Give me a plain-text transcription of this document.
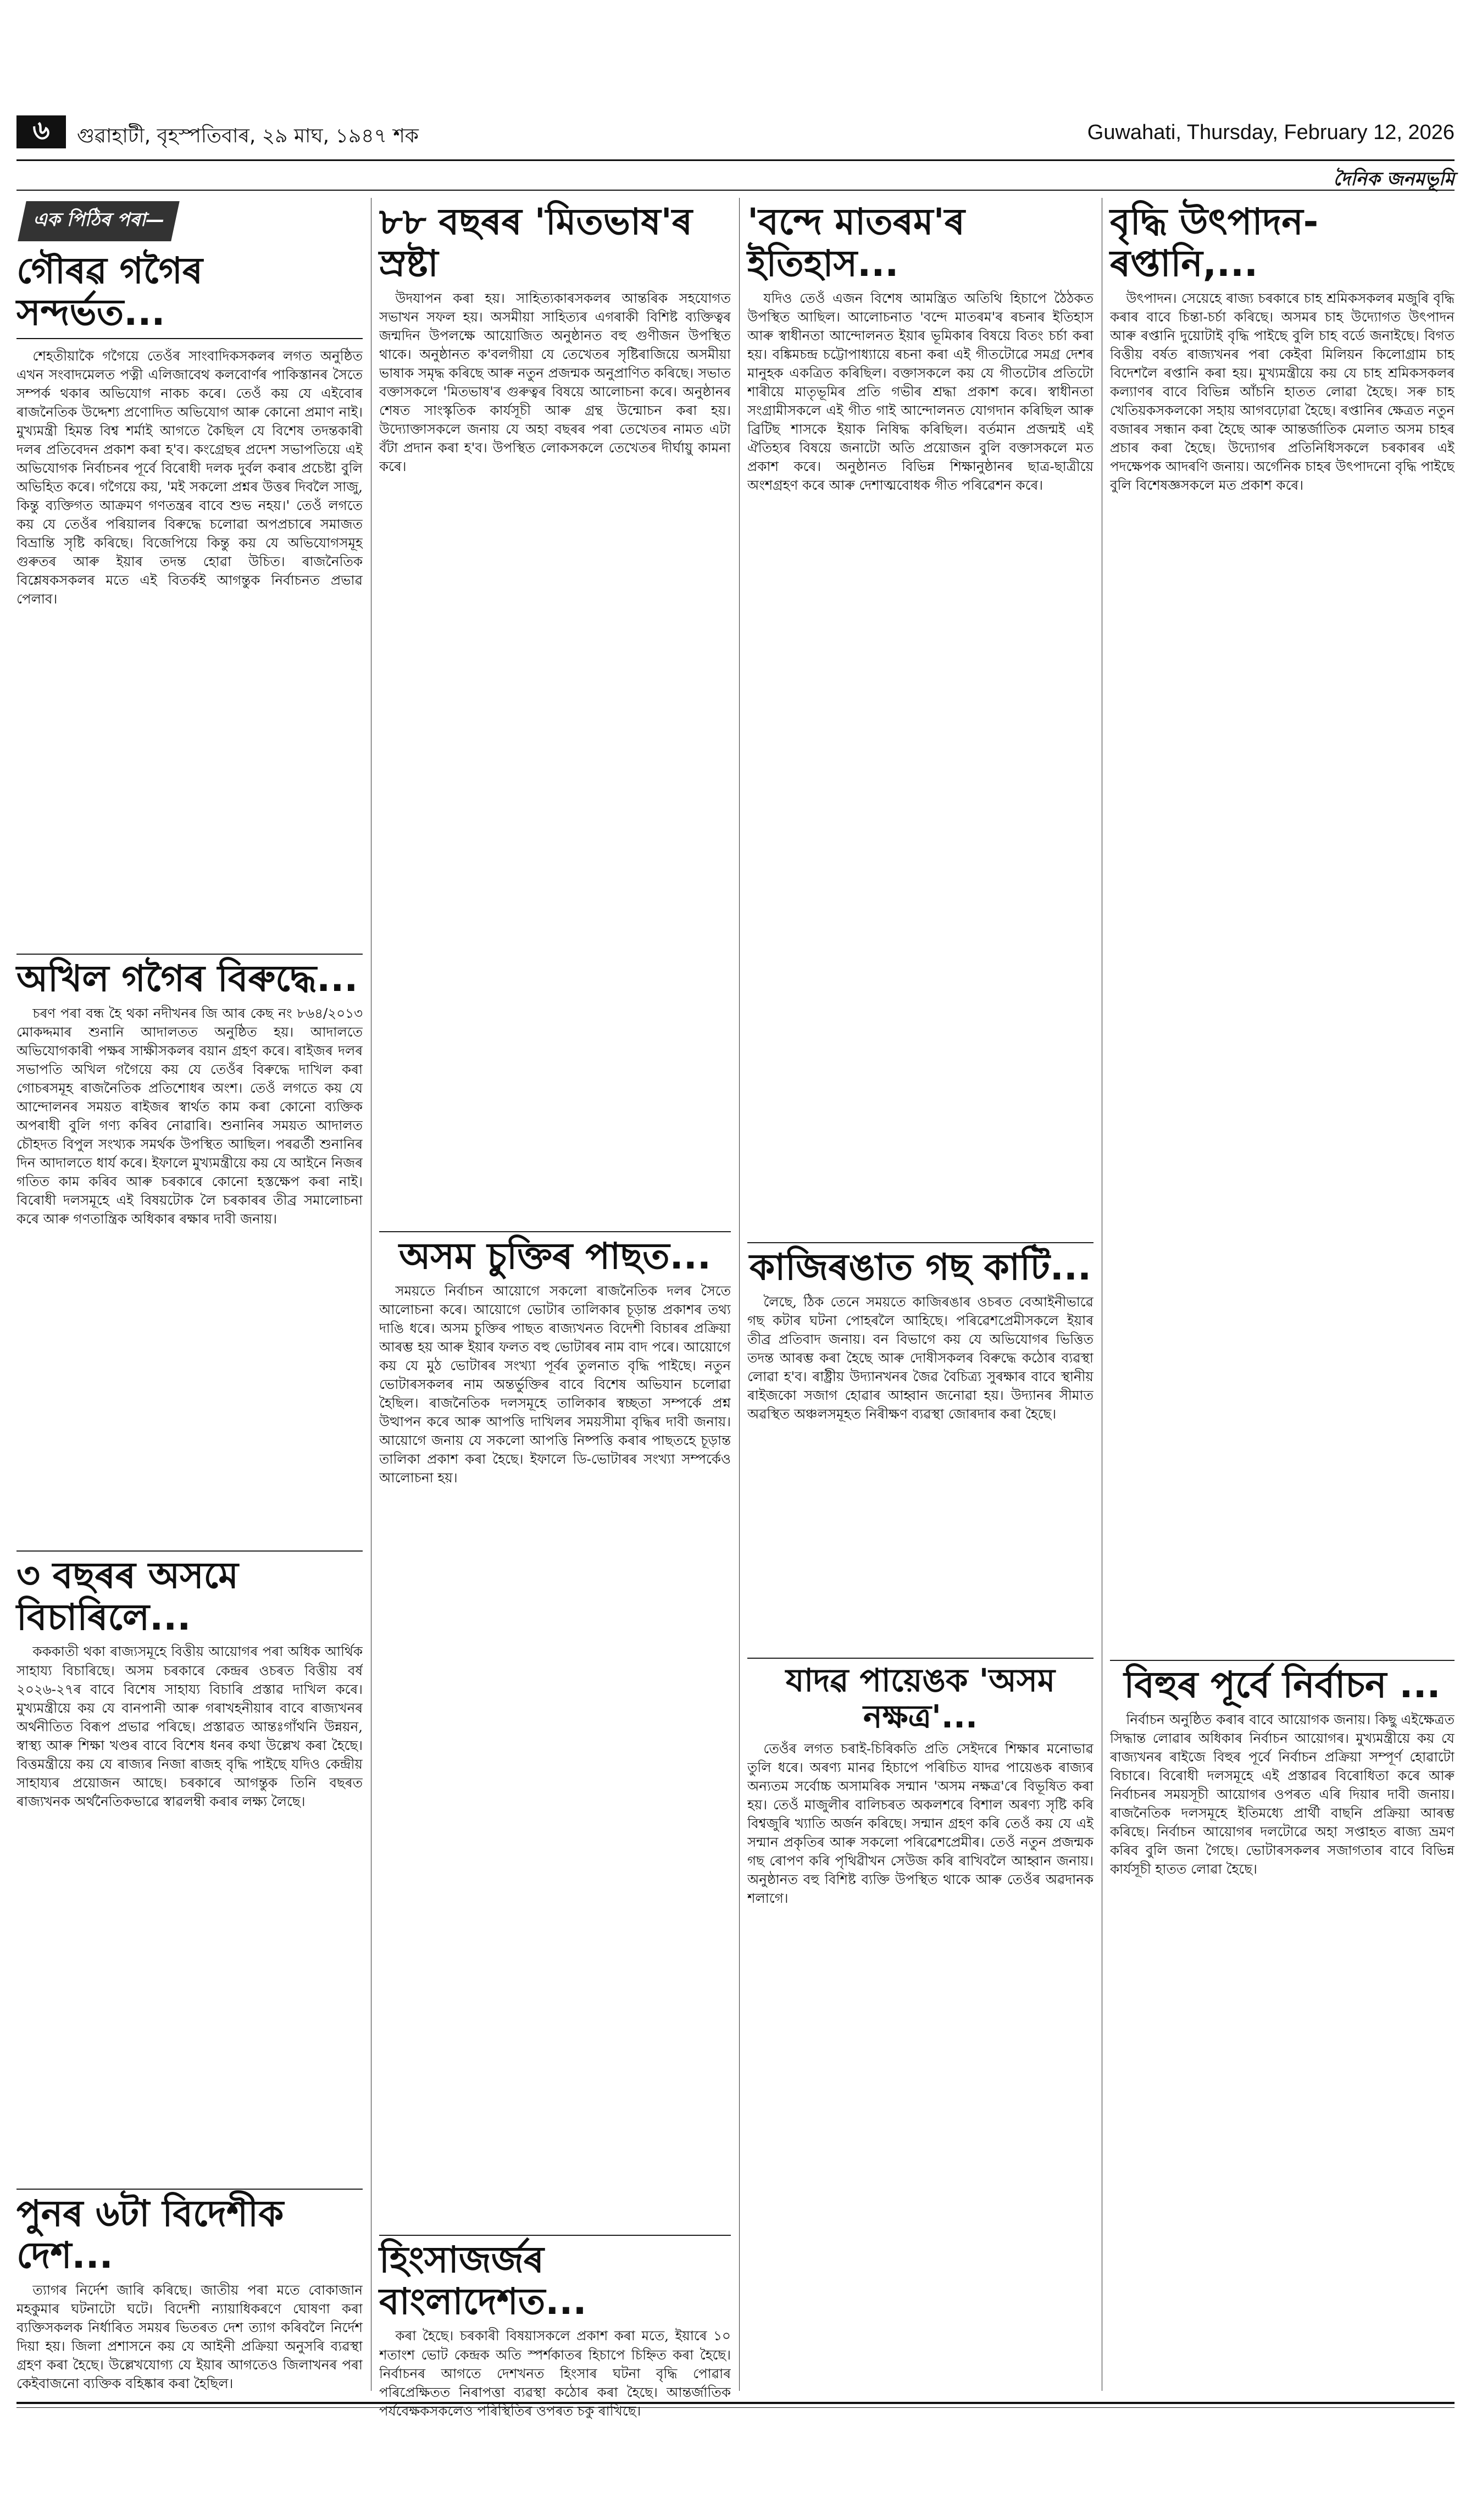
৬	গুৱাহাটী, বৃহস্পতিবাৰ, ২৯ মাঘ, ১৯৪৭ শক	Guwahati, Thursday, February 12, 2026
দৈনিক জনমভূমি
এক পিঠিৰ পৰা—
গৌৰৱ গগৈৰ সন্দৰ্ভত...

শেহতীয়াকৈ গগৈয়ে তেওঁৰ সাংবাদিকসকলৰ লগত অনুষ্ঠিত এখন সংবাদমেলত পত্নী এলিজাবেথ কলবোৰ্ণৰ পাকিস্তানৰ সৈতে সম্পৰ্ক থকাৰ অভিযোগ নাকচ কৰে। তেওঁ কয় যে এইবোৰ ৰাজনৈতিক উদ্দেশ্য প্ৰণোদিত অভিযোগ আৰু কোনো প্ৰমাণ নাই। মুখ্যমন্ত্ৰী হিমন্ত বিশ্ব শৰ্মাই আগতে কৈছিল যে বিশেষ তদন্তকাৰী দলৰ প্ৰতিবেদন প্ৰকাশ কৰা হ'ব। কংগ্ৰেছৰ প্ৰদেশ সভাপতিয়ে এই অভিযোগক নিৰ্বাচনৰ পূৰ্বে বিৰোধী দলক দুৰ্বল কৰাৰ প্ৰচেষ্টা বুলি অভিহিত কৰে। গগৈয়ে কয়, 'মই সকলো প্ৰশ্নৰ উত্তৰ দিবলৈ সাজু, কিন্তু ব্যক্তিগত আক্ৰমণ গণতন্ত্ৰৰ বাবে শুভ নহয়।' তেওঁ লগতে কয় যে তেওঁৰ পৰিয়ালৰ বিৰুদ্ধে চলোৱা অপপ্ৰচাৰে সমাজত বিভ্ৰান্তি সৃষ্টি কৰিছে। বিজেপিয়ে কিন্তু কয় যে অভিযোগসমূহ গুৰুতৰ আৰু ইয়াৰ তদন্ত হোৱা উচিত। ৰাজনৈতিক বিশ্লেষকসকলৰ মতে এই বিতৰ্কই আগন্তুক নিৰ্বাচনত প্ৰভাৱ পেলাব।

অখিল গগৈৰ বিৰুদ্ধে...

চৰণ পৰা বন্ধ হৈ থকা নদীখনৰ জি আৰ কেছ নং ৮৬৪/২০১৩ মোকদ্দমাৰ শুনানি আদালতত অনুষ্ঠিত হয়। আদালতে অভিযোগকাৰী পক্ষৰ সাক্ষীসকলৰ বয়ান গ্ৰহণ কৰে। ৰাইজৰ দলৰ সভাপতি অখিল গগৈয়ে কয় যে তেওঁৰ বিৰুদ্ধে দাখিল কৰা গোচৰসমূহ ৰাজনৈতিক প্ৰতিশোধৰ অংশ। তেওঁ লগতে কয় যে আন্দোলনৰ সময়ত ৰাইজৰ স্বাৰ্থত কাম কৰা কোনো ব্যক্তিক অপৰাধী বুলি গণ্য কৰিব নোৱাৰি। শুনানিৰ সময়ত আদালত চৌহদত বিপুল সংখ্যক সমৰ্থক উপস্থিত আছিল। পৰৱৰ্তী শুনানিৰ দিন আদালতে ধাৰ্য কৰে। ইফালে মুখ্যমন্ত্ৰীয়ে কয় যে আইনে নিজৰ গতিত কাম কৰিব আৰু চৰকাৰে কোনো হস্তক্ষেপ কৰা নাই। বিৰোধী দলসমূহে এই বিষয়টোক লৈ চৰকাৰৰ তীব্ৰ সমালোচনা কৰে আৰু গণতান্ত্ৰিক অধিকাৰ ৰক্ষাৰ দাবী জনায়।

৩ বছৰৰ অসমে বিচাৰিলে...

কককাতী থকা ৰাজ্যসমূহে বিত্তীয় আয়োগৰ পৰা অধিক আৰ্থিক সাহায্য বিচাৰিছে। অসম চৰকাৰে কেন্দ্ৰৰ ওচৰত বিত্তীয় বৰ্ষ ২০২৬-২৭ৰ বাবে বিশেষ সাহায্য বিচাৰি প্ৰস্তাৱ দাখিল কৰে। মুখ্যমন্ত্ৰীয়ে কয় যে বানপানী আৰু গৰাখহনীয়াৰ বাবে ৰাজ্যখনৰ অৰ্থনীতিত বিৰূপ প্ৰভাৱ পৰিছে। প্ৰস্তাৱত আন্তঃগাঁথনি উন্নয়ন, স্বাস্থ্য আৰু শিক্ষা খণ্ডৰ বাবে বিশেষ ধনৰ কথা উল্লেখ কৰা হৈছে। বিত্তমন্ত্ৰীয়ে কয় যে ৰাজ্যৰ নিজা ৰাজহ বৃদ্ধি পাইছে যদিও কেন্দ্ৰীয় সাহায্যৰ প্ৰয়োজন আছে। চৰকাৰে আগন্তুক তিনি বছৰত ৰাজ্যখনক অৰ্থনৈতিকভাৱে স্বাৱলম্বী কৰাৰ লক্ষ্য লৈছে।

পুনৰ ৬টা বিদেশীক দেশ...

ত্যাগৰ নিৰ্দেশ জাৰি কৰিছে। জাতীয় পৰা মতে বোকাজান মহকুমাৰ ঘটনাটো ঘটে। বিদেশী ন্যায়াধিকৰণে ঘোষণা কৰা ব্যক্তিসকলক নিৰ্ধাৰিত সময়ৰ ভিতৰত দেশ ত্যাগ কৰিবলৈ নিৰ্দেশ দিয়া হয়। জিলা প্ৰশাসনে কয় যে আইনী প্ৰক্ৰিয়া অনুসৰি ব্যৱস্থা গ্ৰহণ কৰা হৈছে। উল্লেখযোগ্য যে ইয়াৰ আগতেও জিলাখনৰ পৰা কেইবাজনো ব্যক্তিক বহিষ্কাৰ কৰা হৈছিল।

৮৮ বছৰৰ 'মিতভাষ'ৰ স্ৰষ্টা

উদযাপন কৰা হয়। সাহিত্যকাৰসকলৰ আন্তৰিক সহযোগত সভাখন সফল হয়। অসমীয়া সাহিত্যৰ এগৰাকী বিশিষ্ট ব্যক্তিত্বৰ জন্মদিন উপলক্ষে আয়োজিত অনুষ্ঠানত বহু গুণীজন উপস্থিত থাকে। অনুষ্ঠানত ক'বলগীয়া যে তেখেতৰ সৃষ্টিৰাজিয়ে অসমীয়া ভাষাক সমৃদ্ধ কৰিছে আৰু নতুন প্ৰজন্মক অনুপ্ৰাণিত কৰিছে। সভাত বক্তাসকলে 'মিতভাষ'ৰ গুৰুত্বৰ বিষয়ে আলোচনা কৰে। অনুষ্ঠানৰ শেষত সাংস্কৃতিক কাৰ্যসূচী আৰু গ্ৰন্থ উন্মোচন কৰা হয়। উদ্যোক্তাসকলে জনায় যে অহা বছৰৰ পৰা তেখেতৰ নামত এটা বঁটা প্ৰদান কৰা হ'ব। উপস্থিত লোকসকলে তেখেতৰ দীৰ্ঘায়ু কামনা কৰে।

অসম চুক্তিৰ পাছত...

সময়তে নিৰ্বাচন আয়োগে সকলো ৰাজনৈতিক দলৰ সৈতে আলোচনা কৰে। আয়োগে ভোটাৰ তালিকাৰ চূড়ান্ত প্ৰকাশৰ তথ্য দাঙি ধৰে। অসম চুক্তিৰ পাছত ৰাজ্যখনত বিদেশী বিচাৰৰ প্ৰক্ৰিয়া আৰম্ভ হয় আৰু ইয়াৰ ফলত বহু ভোটাৰৰ নাম বাদ পৰে। আয়োগে কয় যে মুঠ ভোটাৰৰ সংখ্যা পূৰ্বৰ তুলনাত বৃদ্ধি পাইছে। নতুন ভোটাৰসকলৰ নাম অন্তৰ্ভুক্তিৰ বাবে বিশেষ অভিযান চলোৱা হৈছিল। ৰাজনৈতিক দলসমূহে তালিকাৰ স্বচ্ছতা সম্পৰ্কে প্ৰশ্ন উত্থাপন কৰে আৰু আপত্তি দাখিলৰ সময়সীমা বৃদ্ধিৰ দাবী জনায়। আয়োগে জনায় যে সকলো আপত্তি নিষ্পত্তি কৰাৰ পাছতহে চূড়ান্ত তালিকা প্ৰকাশ কৰা হৈছে। ইফালে ডি-ভোটাৰৰ সংখ্যা সম্পৰ্কেও আলোচনা হয়।

হিংসাজৰ্জৰ বাংলাদেশত...

কৰা হৈছে। চৰকাৰী বিষয়াসকলে প্ৰকাশ কৰা মতে, ইয়াৰে ১০ শতাংশ ভোট কেন্দ্ৰক অতি স্পৰ্শকাতৰ হিচাপে চিহ্নিত কৰা হৈছে। নিৰ্বাচনৰ আগতে দেশখনত হিংসাৰ ঘটনা বৃদ্ধি পোৱাৰ পৰিপ্ৰেক্ষিতত নিৰাপত্তা ব্যৱস্থা কঠোৰ কৰা হৈছে। আন্তৰ্জাতিক পৰ্যবেক্ষকসকলেও পৰিস্থিতিৰ ওপৰত চকু ৰাখিছে।

'বন্দে মাতৰম'ৰ ইতিহাস...

যদিও তেওঁ এজন বিশেষ আমন্ত্ৰিত অতিথি হিচাপে ঠৈঠকত উপস্থিত আছিল। আলোচনাত 'বন্দে মাতৰম'ৰ ৰচনাৰ ইতিহাস আৰু স্বাধীনতা আন্দোলনত ইয়াৰ ভূমিকাৰ বিষয়ে বিতং চৰ্চা কৰা হয়। বঙ্কিমচন্দ্ৰ চট্টোপাধ্যায়ে ৰচনা কৰা এই গীতটোৱে সমগ্ৰ দেশৰ মানুহক একত্ৰিত কৰিছিল। বক্তাসকলে কয় যে গীতটোৰ প্ৰতিটো শাৰীয়ে মাতৃভূমিৰ প্ৰতি গভীৰ শ্ৰদ্ধা প্ৰকাশ কৰে। স্বাধীনতা সংগ্ৰামীসকলে এই গীত গাই আন্দোলনত যোগদান কৰিছিল আৰু ব্ৰিটিছ শাসকে ইয়াক নিষিদ্ধ কৰিছিল। বৰ্তমান প্ৰজন্মই এই ঐতিহ্যৰ বিষয়ে জনাটো অতি প্ৰয়োজন বুলি বক্তাসকলে মত প্ৰকাশ কৰে। অনুষ্ঠানত বিভিন্ন শিক্ষানুষ্ঠানৰ ছাত্ৰ-ছাত্ৰীয়ে অংশগ্ৰহণ কৰে আৰু দেশাত্মবোধক গীত পৰিৱেশন কৰে।

কাজিৰঙাত গছ কাটি...

লৈছে, ঠিক তেনে সময়তে কাজিৰঙাৰ ওচৰত বেআইনীভাৱে গছ কটাৰ ঘটনা পোহৰলৈ আহিছে। পৰিৱেশপ্ৰেমীসকলে ইয়াৰ তীব্ৰ প্ৰতিবাদ জনায়। বন বিভাগে কয় যে অভিযোগৰ ভিত্তিত তদন্ত আৰম্ভ কৰা হৈছে আৰু দোষীসকলৰ বিৰুদ্ধে কঠোৰ ব্যৱস্থা লোৱা হ'ব। ৰাষ্ট্ৰীয় উদ্যানখনৰ জৈৱ বৈচিত্ৰ্য সুৰক্ষাৰ বাবে স্থানীয় ৰাইজকো সজাগ হোৱাৰ আহ্বান জনোৱা হয়। উদ্যানৰ সীমাত অৱস্থিত অঞ্চলসমূহত নিৰীক্ষণ ব্যৱস্থা জোৰদাৰ কৰা হৈছে।

যাদৱ পায়েঙক 'অসম নক্ষত্ৰ'...

তেওঁৰ লগত চৰাই-চিৰিকতি প্ৰতি সেইদৰে শিক্ষাৰ মনোভাৱ তুলি ধৰে। অৰণ্য মানৱ হিচাপে পৰিচিত যাদৱ পায়েঙক ৰাজ্যৰ অন্যতম সৰ্বোচ্চ অসামৰিক সন্মান 'অসম নক্ষত্ৰ'ৰে বিভূষিত কৰা হয়। তেওঁ মাজুলীৰ বালিচৰত অকলশৰে বিশাল অৰণ্য সৃষ্টি কৰি বিশ্বজুৰি খ্যাতি অৰ্জন কৰিছে। সন্মান গ্ৰহণ কৰি তেওঁ কয় যে এই সন্মান প্ৰকৃতিৰ আৰু সকলো পৰিৱেশপ্ৰেমীৰ। তেওঁ নতুন প্ৰজন্মক গছ ৰোপণ কৰি পৃথিৱীখন সেউজ কৰি ৰাখিবলৈ আহ্বান জনায়। অনুষ্ঠানত বহু বিশিষ্ট ব্যক্তি উপস্থিত থাকে আৰু তেওঁৰ অৱদানক শলাগে।

বৃদ্ধি উৎপাদন- ৰপ্তানি,...

উৎপাদন। সেয়েহে ৰাজ্য চৰকাৰে চাহ শ্ৰমিকসকলৰ মজুৰি বৃদ্ধি কৰাৰ বাবে চিন্তা-চৰ্চা কৰিছে। অসমৰ চাহ উদ্যোগত উৎপাদন আৰু ৰপ্তানি দুয়োটাই বৃদ্ধি পাইছে বুলি চাহ বৰ্ডে জনাইছে। বিগত বিত্তীয় বৰ্ষত ৰাজ্যখনৰ পৰা কেইবা মিলিয়ন কিলোগ্ৰাম চাহ বিদেশলৈ ৰপ্তানি কৰা হয়। মুখ্যমন্ত্ৰীয়ে কয় যে চাহ শ্ৰমিকসকলৰ কল্যাণৰ বাবে বিভিন্ন আঁচনি হাতত লোৱা হৈছে। সৰু চাহ খেতিয়কসকলকো সহায় আগবঢ়োৱা হৈছে। ৰপ্তানিৰ ক্ষেত্ৰত নতুন বজাৰৰ সন্ধান কৰা হৈছে আৰু আন্তৰ্জাতিক মেলাত অসম চাহৰ প্ৰচাৰ কৰা হৈছে। উদ্যোগৰ প্ৰতিনিধিসকলে চৰকাৰৰ এই পদক্ষেপক আদৰণি জনায়। অৰ্গেনিক চাহৰ উৎপাদনো বৃদ্ধি পাইছে বুলি বিশেষজ্ঞসকলে মত প্ৰকাশ কৰে।

বিহুৰ পূৰ্বে নিৰ্বাচন ...

নিৰ্বাচন অনুষ্ঠিত কৰাৰ বাবে আয়োগক জনায়। কিছু এইক্ষেত্ৰত সিদ্ধান্ত লোৱাৰ অধিকাৰ নিৰ্বাচন আয়োগৰ। মুখ্যমন্ত্ৰীয়ে কয় যে ৰাজ্যখনৰ ৰাইজে বিহুৰ পূৰ্বে নিৰ্বাচন প্ৰক্ৰিয়া সম্পূৰ্ণ হোৱাটো বিচাৰে। বিৰোধী দলসমূহে এই প্ৰস্তাৱৰ বিৰোধিতা কৰে আৰু নিৰ্বাচনৰ সময়সূচী আয়োগৰ ওপৰত এৰি দিয়াৰ দাবী জনায়। ৰাজনৈতিক দলসমূহে ইতিমধ্যে প্ৰাৰ্থী বাছনি প্ৰক্ৰিয়া আৰম্ভ কৰিছে। নিৰ্বাচন আয়োগৰ দলটোৱে অহা সপ্তাহত ৰাজ্য ভ্ৰমণ কৰিব বুলি জনা গৈছে। ভোটাৰসকলৰ সজাগতাৰ বাবে বিভিন্ন কাৰ্যসূচী হাতত লোৱা হৈছে।
